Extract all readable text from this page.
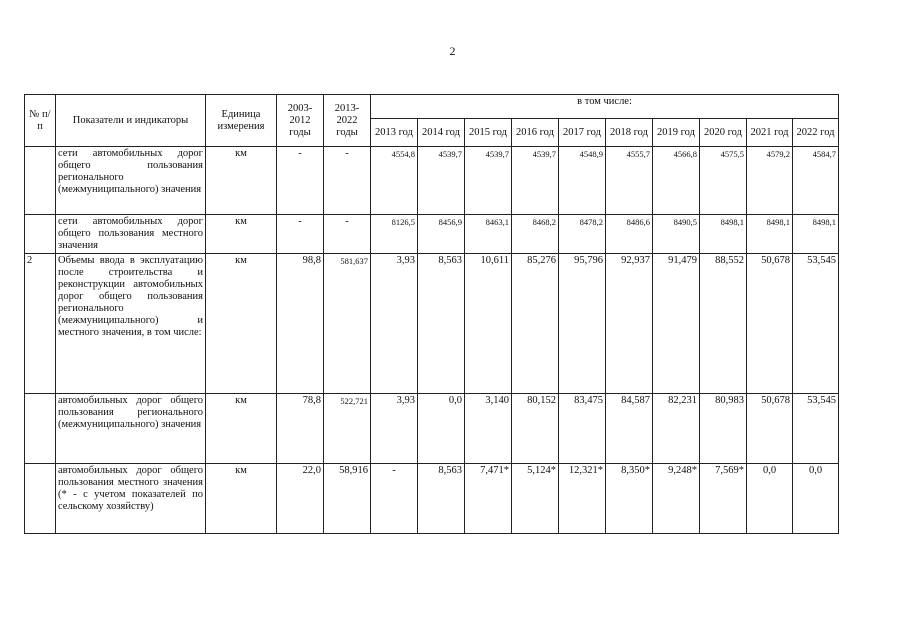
2
№ п/п	Показатели и индикаторы	Единица измерения	2003-2012 годы	2013-2022 годы	в том числе:									
					2013 год	2014 год	2015 год	2016 год	2017 год	2018 год	2019 год	2020 год	2021 год	2022 год
	сети автомобильных дорог общего пользования регионального (межмуниципального) значения	км	-	-	4554,8	4539,7	4539,7	4539,7	4548,9	4555,7	4566,8	4575,5	4579,2	4584,7
	сети автомобильных дорог общего пользования местного значения	км	-	-	8126,5	8456,9	8463,1	8468,2	8478,2	8486,6	8490,5	8498,1	8498,1	8498,1
2	Объемы ввода в эксплуатацию после строительства и реконструкции автомобильных дорог общего пользования регионального (межмуниципального) и местного значения, в том числе:	км	98,8	581,637	3,93	8,563	10,611	85,276	95,796	92,937	91,479	88,552	50,678	53,545
	автомобильных дорог общего пользования регионального (межмуниципального) значения	км	78,8	522,721	3,93	0,0	3,140	80,152	83,475	84,587	82,231	80,983	50,678	53,545
	автомобильных дорог общего пользования местного значения (* - с учетом показателей по сельскому хозяйству)	км	22,0	58,916	-	8,563	7,471*	5,124*	12,321*	8,350*	9,248*	7,569*	0,0	0,0
